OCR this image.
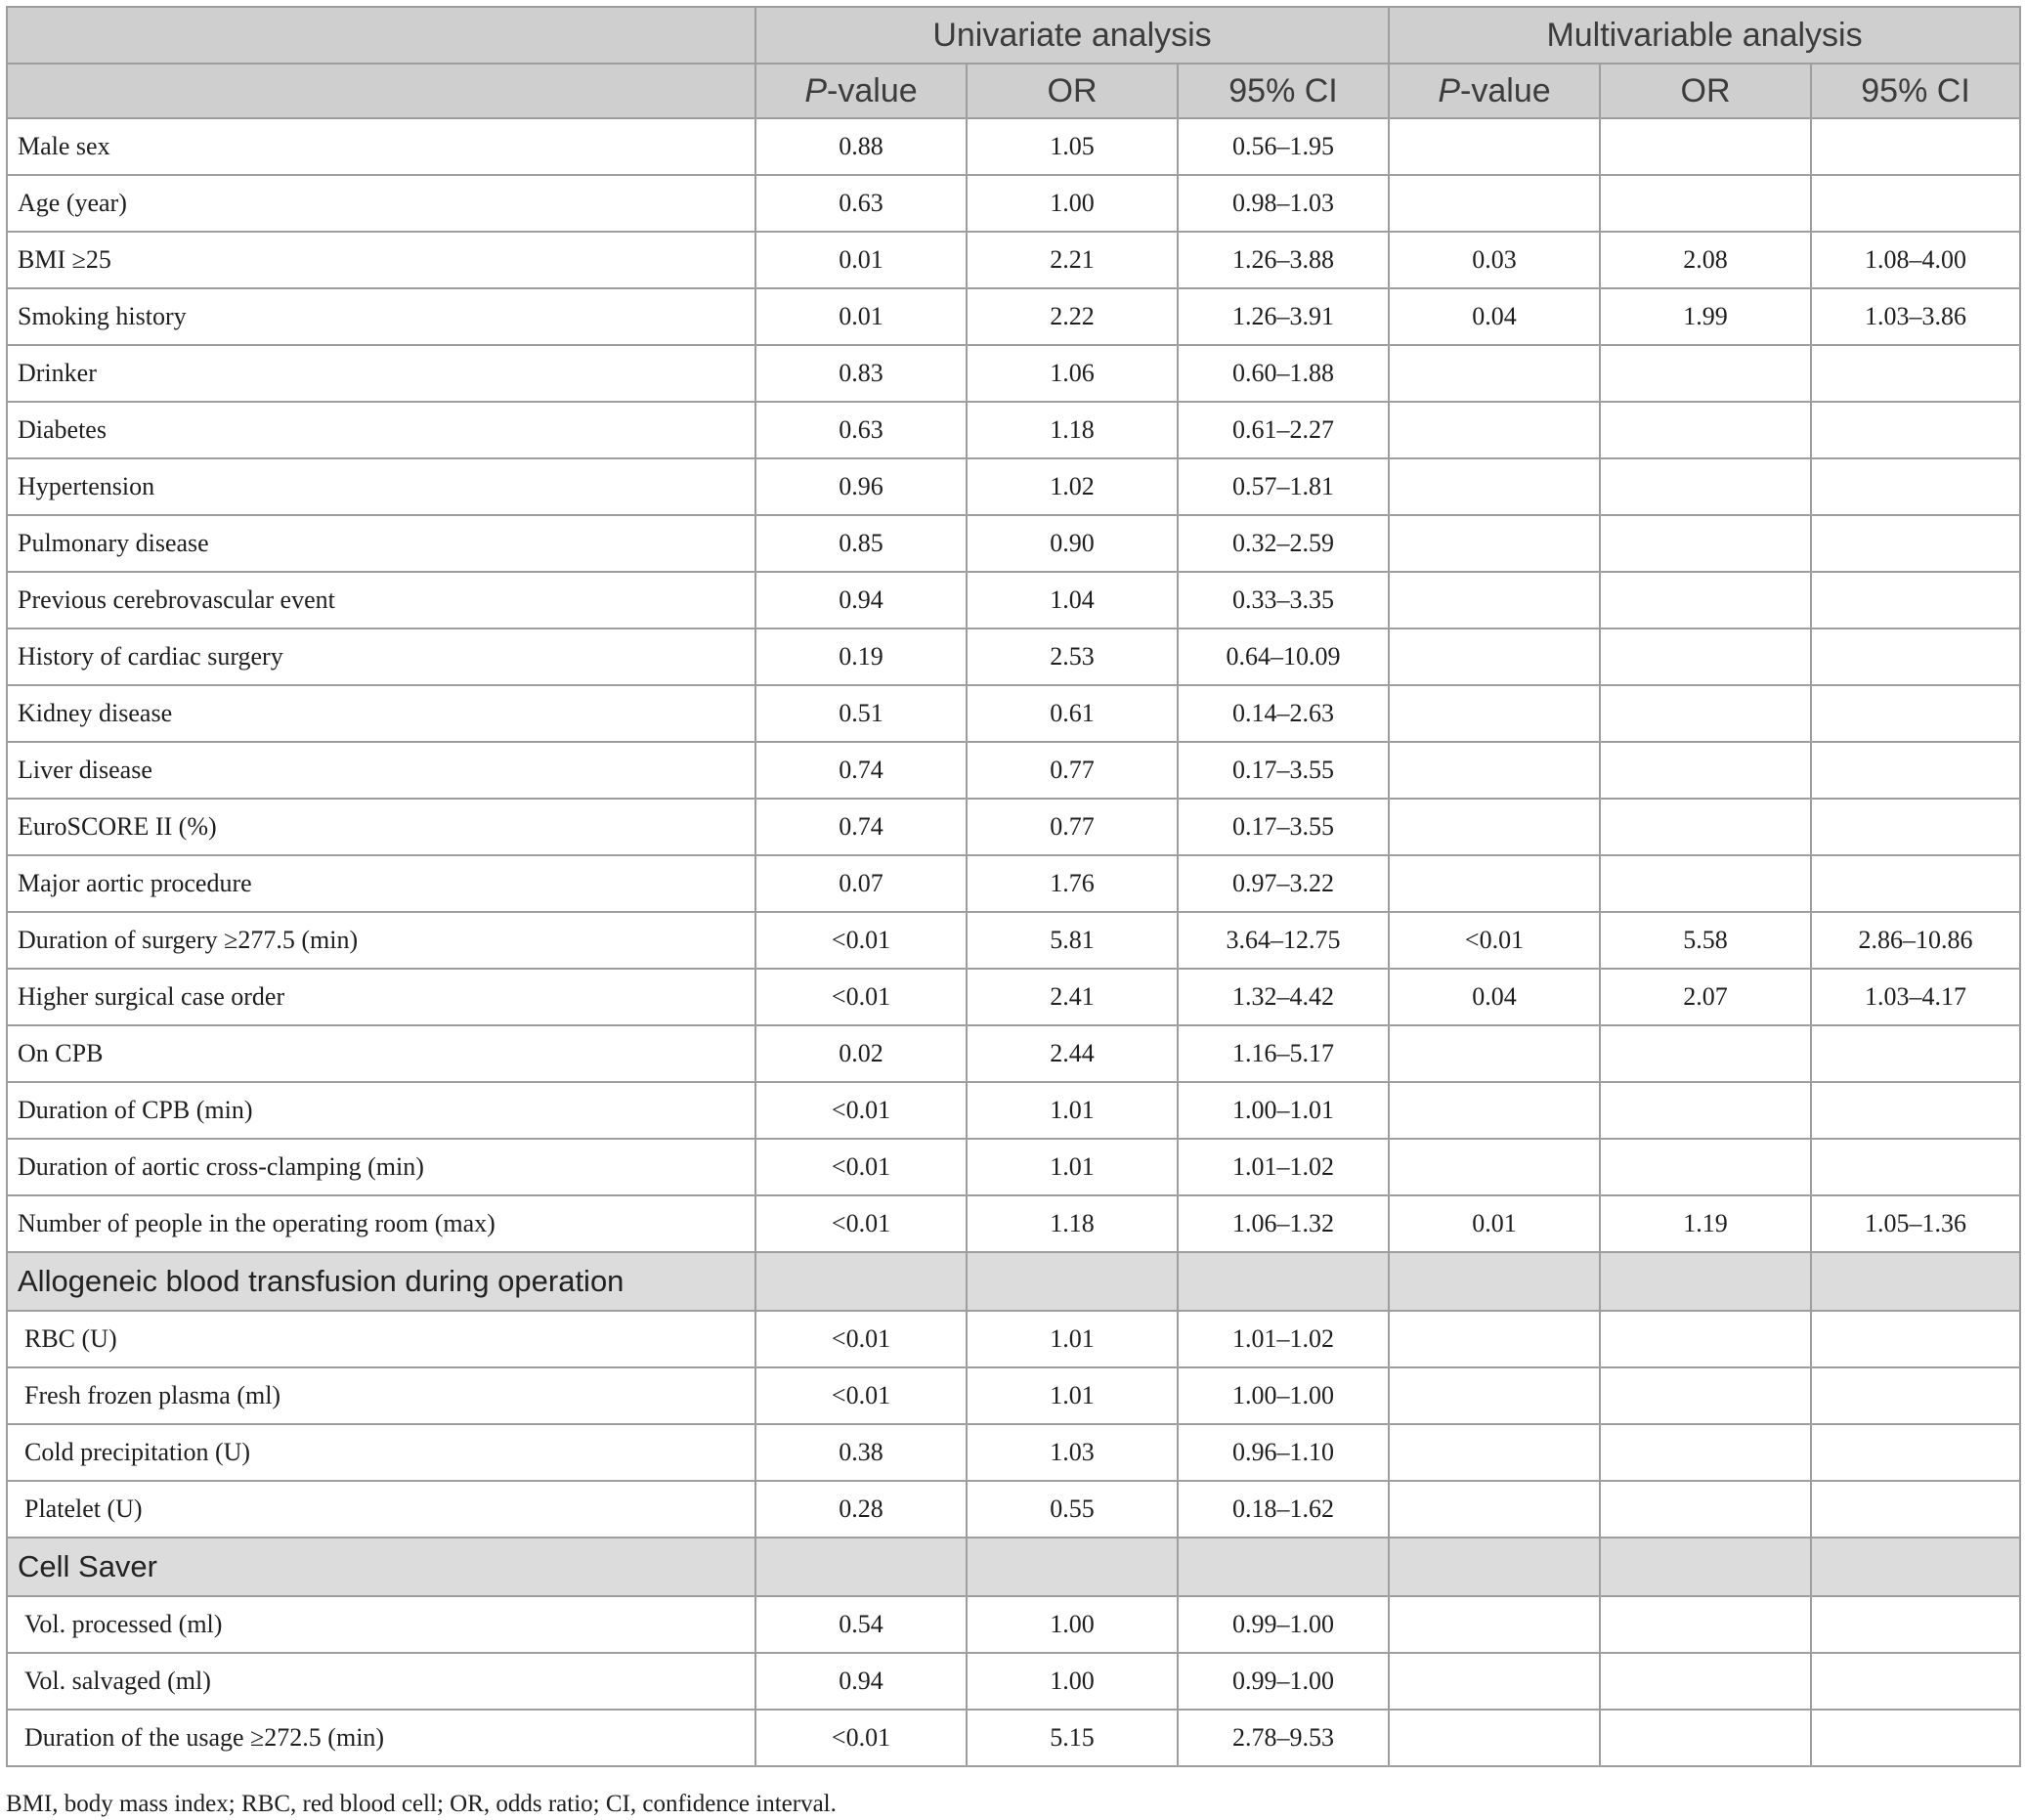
	Univariate analysis			Multivariable analysis		
	P-value	OR	95% CI	P-value	OR	95% CI
Male sex	0.88	1.05	0.56–1.95			
Age (year)	0.63	1.00	0.98–1.03			
BMI ≥25	0.01	2.21	1.26–3.88	0.03	2.08	1.08–4.00
Smoking history	0.01	2.22	1.26–3.91	0.04	1.99	1.03–3.86
Drinker	0.83	1.06	0.60–1.88			
Diabetes	0.63	1.18	0.61–2.27			
Hypertension	0.96	1.02	0.57–1.81			
Pulmonary disease	0.85	0.90	0.32–2.59			
Previous cerebrovascular event	0.94	1.04	0.33–3.35			
History of cardiac surgery	0.19	2.53	0.64–10.09			
Kidney disease	0.51	0.61	0.14–2.63			
Liver disease	0.74	0.77	0.17–3.55			
EuroSCORE II (%)	0.74	0.77	0.17–3.55			
Major aortic procedure	0.07	1.76	0.97–3.22			
Duration of surgery ≥277.5 (min)	<0.01	5.81	3.64–12.75	<0.01	5.58	2.86–10.86
Higher surgical case order	<0.01	2.41	1.32–4.42	0.04	2.07	1.03–4.17
On CPB	0.02	2.44	1.16–5.17			
Duration of CPB (min)	<0.01	1.01	1.00–1.01			
Duration of aortic cross-clamping (min)	<0.01	1.01	1.01–1.02			
Number of people in the operating room (max)	<0.01	1.18	1.06–1.32	0.01	1.19	1.05–1.36
Allogeneic blood transfusion during operation						
RBC (U)	<0.01	1.01	1.01–1.02			
Fresh frozen plasma (ml)	<0.01	1.01	1.00–1.00			
Cold precipitation (U)	0.38	1.03	0.96–1.10			
Platelet (U)	0.28	0.55	0.18–1.62			
Cell Saver						
Vol. processed (ml)	0.54	1.00	0.99–1.00			
Vol. salvaged (ml)	0.94	1.00	0.99–1.00			
Duration of the usage ≥272.5 (min)	<0.01	5.15	2.78–9.53			
BMI, body mass index; RBC, red blood cell; OR, odds ratio; CI, confidence interval.
